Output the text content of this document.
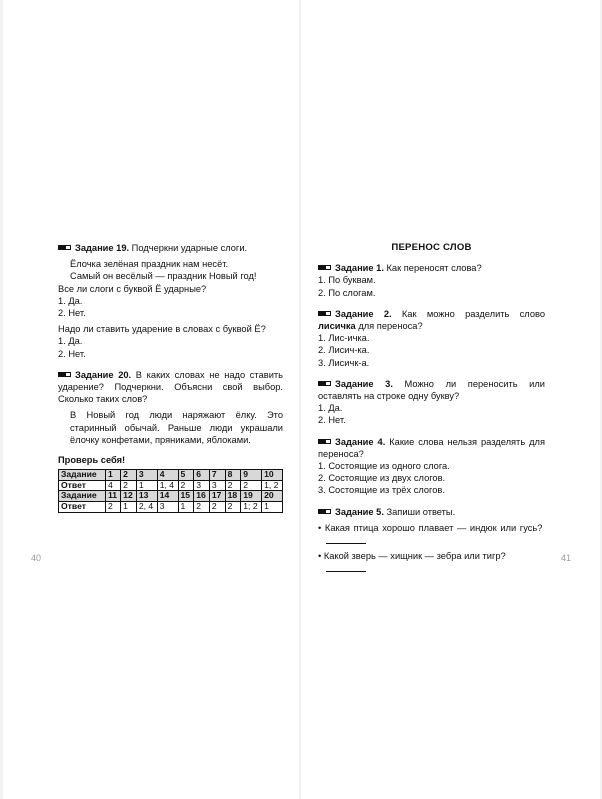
Задание 19. Подчеркни ударные слоги.

Ёлочка зелёная праздник нам несёт.

Самый он весёлый — праздник Новый год!

Все ли слоги с буквой Ё ударные?

1. Да.

2. Нет.

Надо ли ставить ударение в словах с буквой Ё?

1. Да.

2. Нет.

Задание 20. В каких словах не надо ставить ударение? Подчеркни. Объясни свой выбор. Сколько таких слов?

В Новый год люди наряжают ёлку. Это старинный обычай. Раньше люди украшали ёлочку конфетами, пряниками, яблоками.

Проверь себя!

Задание	1	2	3	4	5	6	7	8	9	10
Ответ	4	2	1	1, 4	2	3	3	2	2	1, 2
Задание	11	12	13	14	15	16	17	18	19	20
Ответ	2	1	2, 4	3	1	2	2	2	1; 2	1

ПЕРЕНОС СЛОВ

Задание 1. Как переносят слова?

1. По буквам.

2. По слогам.

Задание 2. Как можно разделить слово лисичка для переноса?

1. Лис-ичка.

2. Лисич-ка.

3. Лисичк-а.

Задание 3. Можно ли переносить или оставлять на строке одну букву?

1. Да.

2. Нет.

Задание 4. Какие слова нельзя разделять для переноса?

1. Состоящие из одного слога.

2. Состоящие из двух слогов.

3. Состоящие из трёх слогов.

Задание 5. Запиши ответы.

• Какая птица хорошо плавает — индюк или гусь?

• Какой зверь — хищник — зебра или тигр?

40	41
